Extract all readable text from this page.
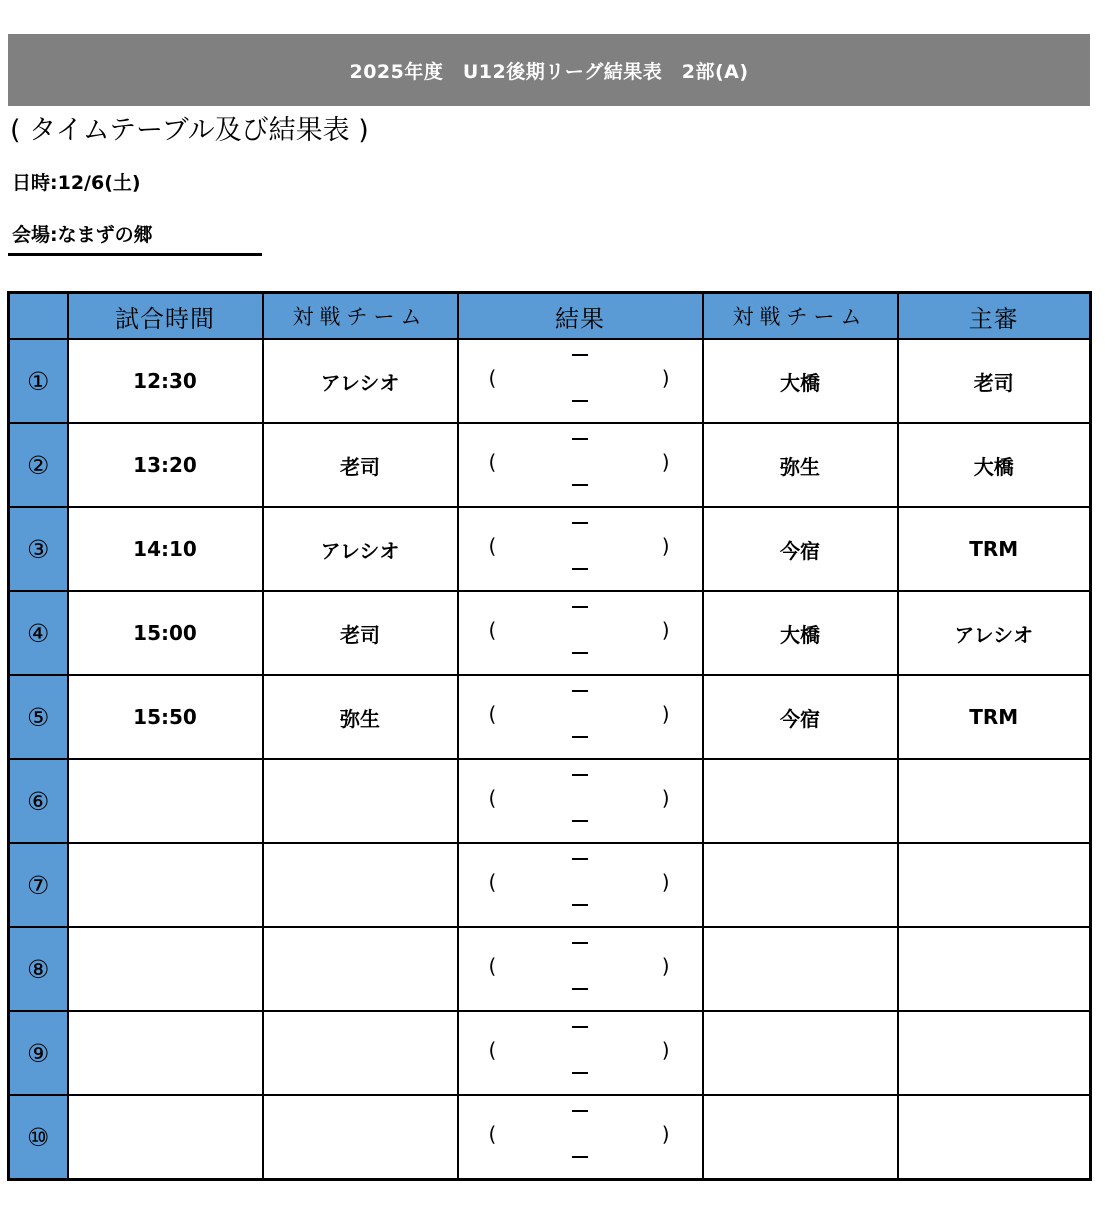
2025年度　U12後期リーグ結果表　2部(A)
( タイムテーブル及び結果表 )
日時:12/6(土)
会場:なまずの郷
	試合時間	対戦チーム	結果	対戦チーム	主審
①	12:30	アレシオ	( )	大橋	老司
②	13:20	老司	( )	弥生	大橋
③	14:10	アレシオ	( )	今宿	TRM
④	15:00	老司	( )	大橋	アレシオ
⑤	15:50	弥生	( )	今宿	TRM
⑥			( )		

⑦			( )		

⑧			( )		

⑨			( )		

⑩			( )		
